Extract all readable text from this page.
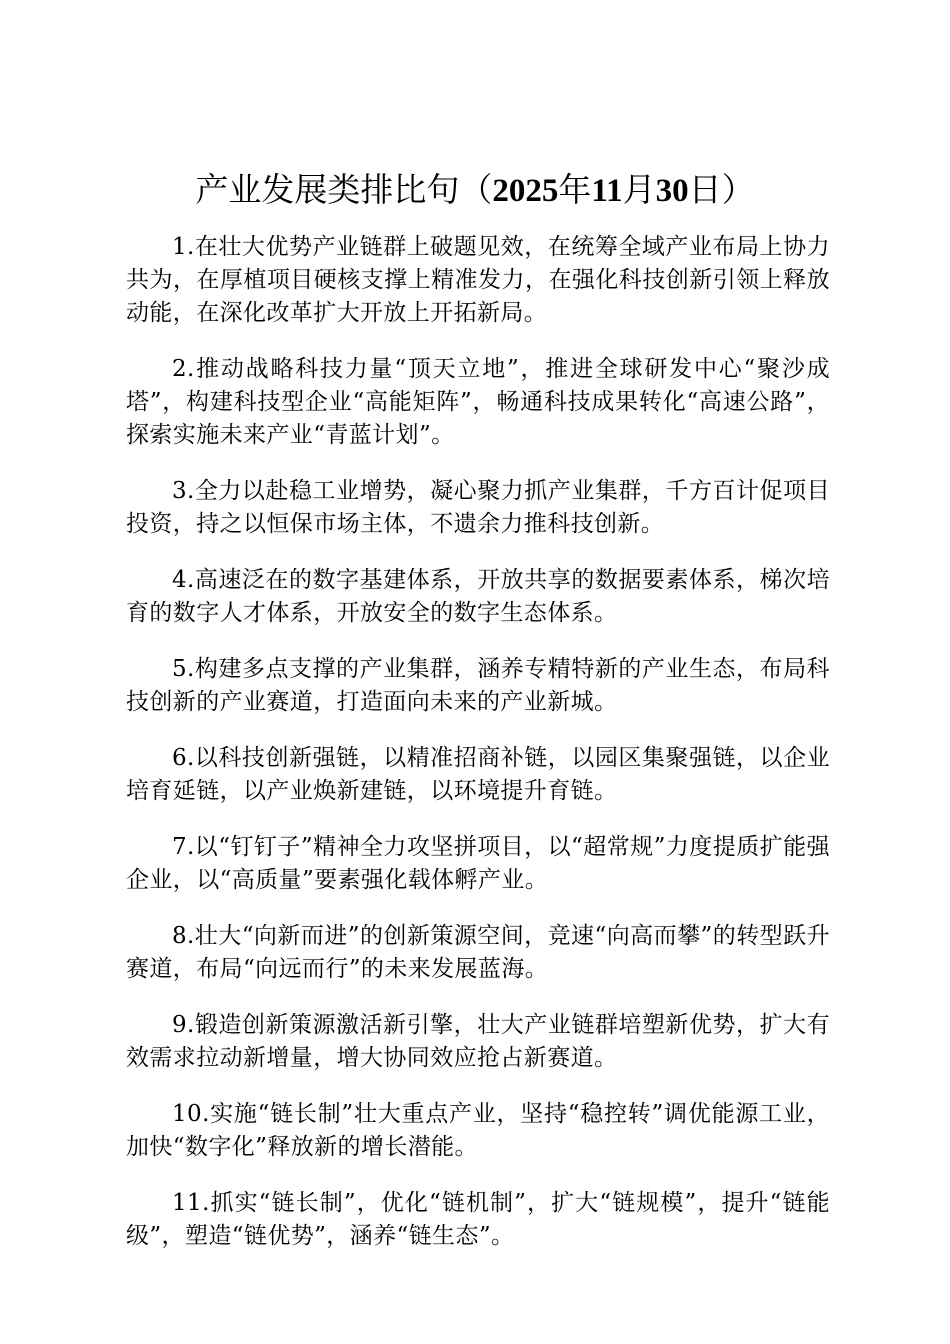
产业发展类排比句（2025年11月30日）

1.在壮大优势产业链群上破题见效，在统筹全域产业布局上协力共为，在厚植项目硬核支撑上精准发力，在强化科技创新引领上释放动能，在深化改革扩大开放上开拓新局。

2.推动战略科技力量“顶天立地”，推进全球研发中心“聚沙成塔”，构建科技型企业“高能矩阵”，畅通科技成果转化“高速公路”，探索实施未来产业“青蓝计划”。

3.全力以赴稳工业增势，凝心聚力抓产业集群，千方百计促项目投资，持之以恒保市场主体，不遗余力推科技创新。

4.高速泛在的数字基建体系，开放共享的数据要素体系，梯次培育的数字人才体系，开放安全的数字生态体系。

5.构建多点支撑的产业集群，涵养专精特新的产业生态，布局科技创新的产业赛道，打造面向未来的产业新城。

6.以科技创新强链，以精准招商补链，以园区集聚强链，以企业培育延链，以产业焕新建链，以环境提升育链。

7.以“钉钉子”精神全力攻坚拼项目，以“超常规”力度提质扩能强企业，以“高质量”要素强化载体孵产业。

8.壮大“向新而进”的创新策源空间，竞速“向高而攀”的转型跃升赛道，布局“向远而行”的未来发展蓝海。

9.锻造创新策源激活新引擎，壮大产业链群培塑新优势，扩大有效需求拉动新增量，增大协同效应抢占新赛道。

10.实施“链长制”壮大重点产业，坚持“稳控转”调优能源工业，加快“数字化”释放新的增长潜能。

11.抓实“链长制”，优化“链机制”，扩大“链规模”，提升“链能级”，塑造“链优势”，涵养“链生态”。
